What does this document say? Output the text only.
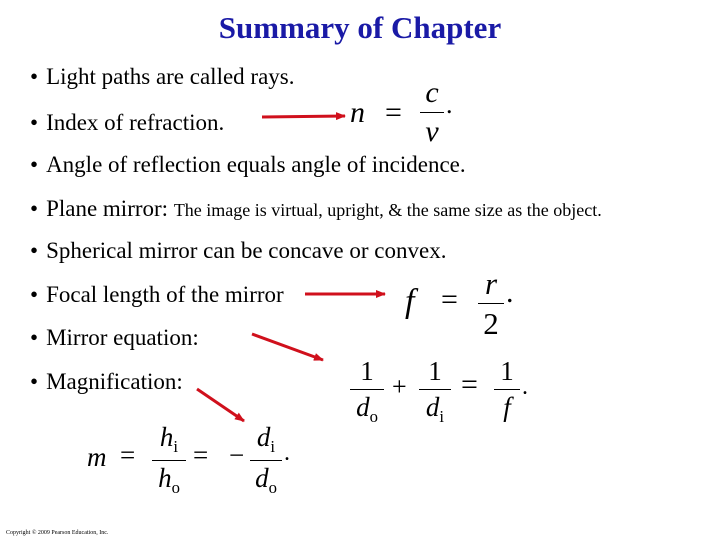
Summary of Chapter
• Light paths are called rays.
• Index of refraction.
• Angle of reflection equals angle of incidence.
• Plane mirror: The image is virtual, upright, & the same size as the object.
• Spherical mirror can be concave or convex.
• Focal length of the mirror
• Mirror equation:
• Magnification:
n =
c
v
.
f = r
2
.
1
$d_o$
+
1
$d_i$
= 1
f
.
m =
$h_i$
$h_o$
= −
$d_i$
$d_o$
.
Copyright © 2009 Pearson Education, Inc.
